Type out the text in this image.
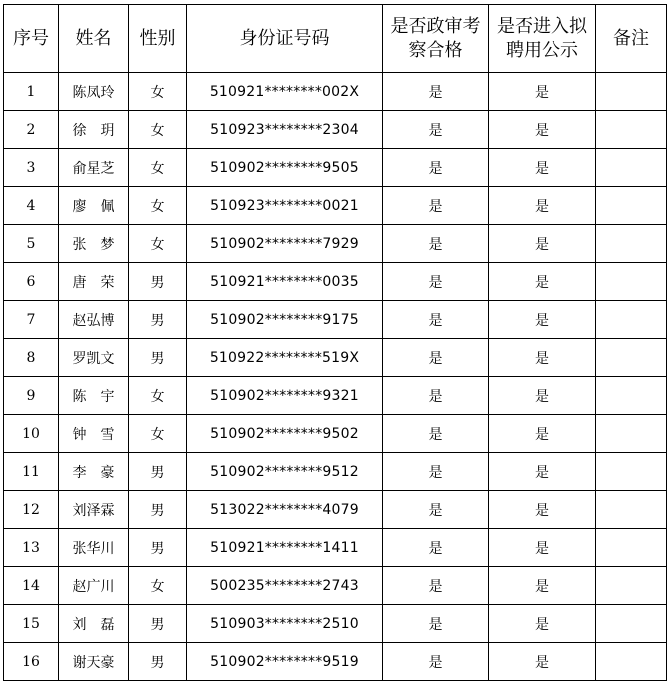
序号	姓名	性别	身份证号码	是否政审考察合格	是否进入拟聘用公示	备注
1	陈凤玲	女	510921********002X	是	是	
2	徐　玥	女	510923********2304	是	是	
3	俞星芝	女	510902********9505	是	是	
4	廖　佩	女	510923********0021	是	是	
5	张　梦	女	510902********7929	是	是	
6	唐　荣	男	510921********0035	是	是	
7	赵弘博	男	510902********9175	是	是	
8	罗凯文	男	510922********519X	是	是	
9	陈　宇	女	510902********9321	是	是	
10	钟　雪	女	510902********9502	是	是	
11	李　豪	男	510902********9512	是	是	
12	刘泽霖	男	513022********4079	是	是	
13	张华川	男	510921********1411	是	是	
14	赵广川	女	500235********2743	是	是	
15	刘　磊	男	510903********2510	是	是	
16	谢天豪	男	510902********9519	是	是	
